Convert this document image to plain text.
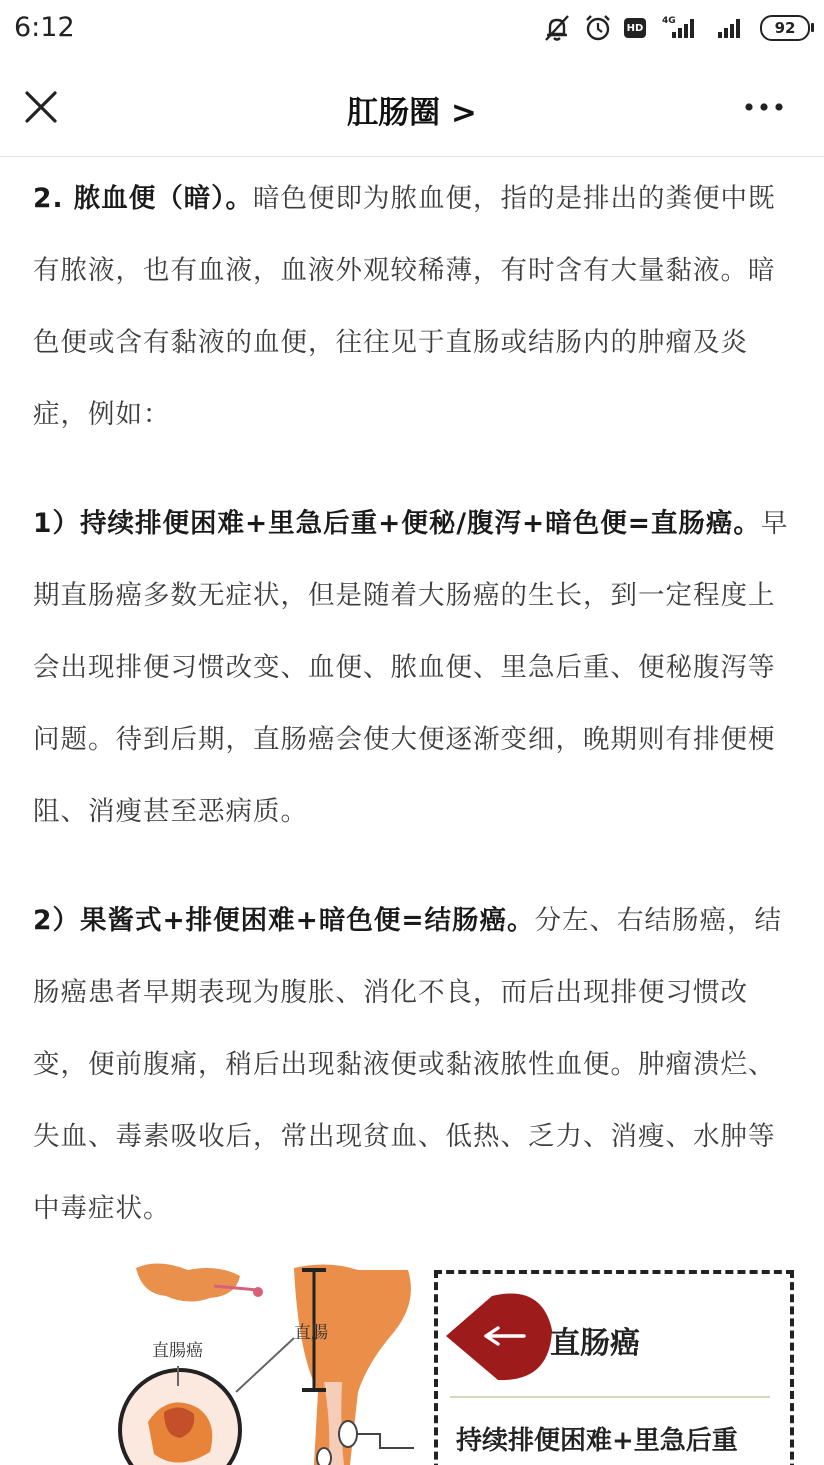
6:12	HD
4G	92
肛肠圈 >

2. 脓血便（暗）。暗色便即为脓血便，指的是排出的粪便中既有脓液，也有血液，血液外观较稀薄，有时含有大量黏液。暗色便或含有黏液的血便，往往见于直肠或结肠内的肿瘤及炎症，例如：

1）持续排便困难+里急后重+便秘/腹泻+暗色便=直肠癌。早期直肠癌多数无症状，但是随着大肠癌的生长，到一定程度上会出现排便习惯改变、血便、脓血便、里急后重、便秘腹泻等问题。待到后期，直肠癌会使大便逐渐变细，晚期则有排便梗阻、消瘦甚至恶病质。

2）果酱式+排便困难+暗色便=结肠癌。分左、右结肠癌，结肠癌患者早期表现为腹胀、消化不良，而后出现排便习惯改变，便前腹痛，稍后出现黏液便或黏液脓性血便。肿瘤溃烂、失血、毒素吸收后，常出现贫血、低热、乏力、消瘦、水肿等中毒症状。

直腸癌
直腸	直肠癌
持续排便困难+里急后重
